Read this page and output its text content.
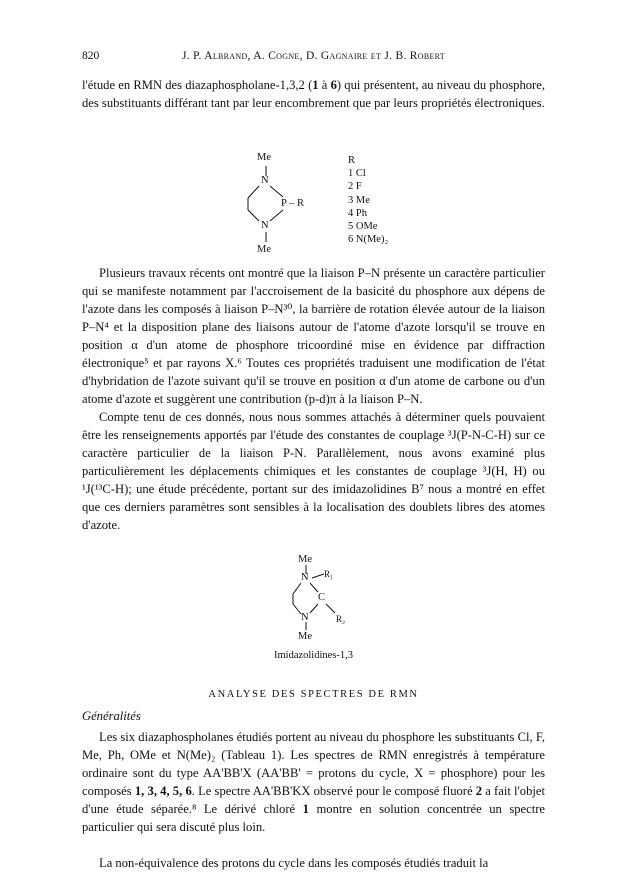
820	J. P. Albrand, A. Cogne, D. Gagnaire et J. B. Robert
l'étude en RMN des diazaphospholane-1,3,2 (1 à 6) qui présentent, au niveau du phosphore, des substituants différant tant par leur encombrement que par leurs propriétés électroniques.
Me
N
P – R
N
Me
R
1 Cl
2 F
3 Me
4 Ph
5 OMe
6 N(Me)₂
Plusieurs travaux récents ont montré que la liaison P–N présente un caractère particulier qui se manifeste notamment par l'accroisement de la basicité du phosphore aux dépens de l'azote dans les composés à liaison P–N³⁰, la barrière de rotation élevée autour de la liaison P–N⁴ et la disposition plane des liaisons autour de l'atome d'azote lorsqu'il se trouve en position α d'un atome de phosphore tricoordiné mise en évidence par diffraction électronique⁵ et par rayons X.⁶ Toutes ces propriétés traduisent une modification de l'état d'hybridation de l'azote suivant qu'il se trouve en position α d'un atome de carbone ou d'un atome d'azote et suggèrent une contribution (p-d)π à la liaison P–N.
Compte tenu de ces donnés, nous nous sommes attachés à déterminer quels pouvaient être les renseignements apportés par l'étude des constantes de couplage ³J(P-N-C-H) sur ce caractère particulier de la liaison P-N. Parallèlement, nous avons examiné plus particulièrement les déplacements chimiques et les constantes de couplage ³J(H, H) ou ¹J(¹³C-H); une étude précédente, portant sur des imidazolidines B⁷ nous a montré en effet que ces derniers paramètres sont sensibles à la localisation des doublets libres des atomes d'azote.
Me
N R₁
C
N	R₂
Me
Imidazolidines-1,3
ANALYSE DES SPECTRES DE RMN
Généralités
Les six diazaphospholanes étudiés portent au niveau du phosphore les substituants Cl, F, Me, Ph, OMe et N(Me)₂ (Tableau 1). Les spectres de RMN enregistrés à température ordinaire sont du type AA'BB'X (AA'BB' = protons du cycle, X = phosphore) pour les composés 1, 3, 4, 5, 6. Le spectre AA'BB'KX observé pour le composé fluoré 2 a fait l'objet d'une étude séparée.⁸ Le dérivé chloré 1 montre en solution concentrée un spectre particulier qui sera discuté plus loin.
La non-équivalence des protons du cycle dans les composés étudiés traduit la
